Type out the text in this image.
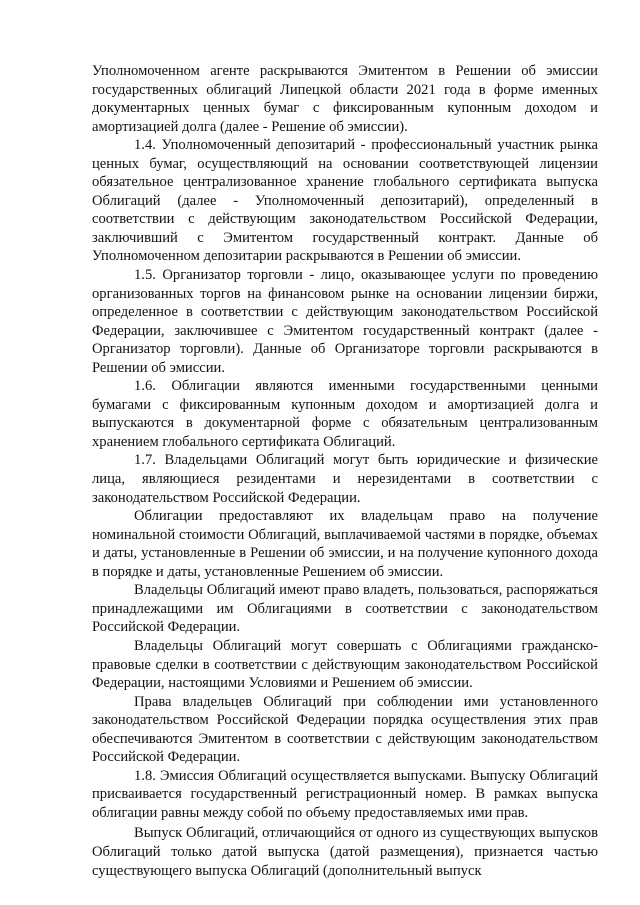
Уполномоченном агенте раскрываются Эмитентом в Решении об эмиссии государственных облигаций Липецкой области 2021 года в форме именных документарных ценных бумаг с фиксированным купонным доходом и амортизацией долга (далее - Решение об эмиссии).

1.4. Уполномоченный депозитарий - профессиональный участник рынка ценных бумаг, осуществляющий на основании соответствующей лицензии обязательное централизованное хранение глобального сертификата выпуска Облигаций (далее - Уполномоченный депозитарий), определенный в соответствии с действующим законодательством Российской Федерации, заключивший с Эмитентом государственный контракт. Данные об Уполномоченном депозитарии раскрываются в Решении об эмиссии.

1.5. Организатор торговли - лицо, оказывающее услуги по проведению организованных торгов на финансовом рынке на основании лицензии биржи, определенное в соответствии с действующим законодательством Российской Федерации, заключившее с Эмитентом государственный контракт (далее - Организатор торговли). Данные об Организаторе торговли раскрываются в Решении об эмиссии.

1.6. Облигации являются именными государственными ценными бумагами с фиксированным купонным доходом и амортизацией долга и выпускаются в документарной форме с обязательным централизованным хранением глобального сертификата Облигаций.

1.7. Владельцами Облигаций могут быть юридические и физические лица, являющиеся резидентами и нерезидентами в соответствии с законодательством Российской Федерации.

Облигации предоставляют их владельцам право на получение номинальной стоимости Облигаций, выплачиваемой частями в порядке, объемах и даты, установленные в Решении об эмиссии, и на получение купонного дохода в порядке и даты, установленные Решением об эмиссии.

Владельцы Облигаций имеют право владеть, пользоваться, распоряжаться принадлежащими им Облигациями в соответствии с законодательством Российской Федерации.

Владельцы Облигаций могут совершать с Облигациями гражданско-правовые сделки в соответствии с действующим законодательством Российской Федерации, настоящими Условиями и Решением об эмиссии.

Права владельцев Облигаций при соблюдении ими установленного законодательством Российской Федерации порядка осуществления этих прав обеспечиваются Эмитентом в соответствии с действующим законодательством Российской Федерации.

1.8. Эмиссия Облигаций осуществляется выпусками. Выпуску Облигаций присваивается государственный регистрационный номер. В рамках выпуска облигации равны между собой по объему предоставляемых ими прав.

Выпуск Облигаций, отличающийся от одного из существующих выпусков Облигаций только датой выпуска (датой размещения), признается частью существующего выпуска Облигаций (дополнительный выпуск
